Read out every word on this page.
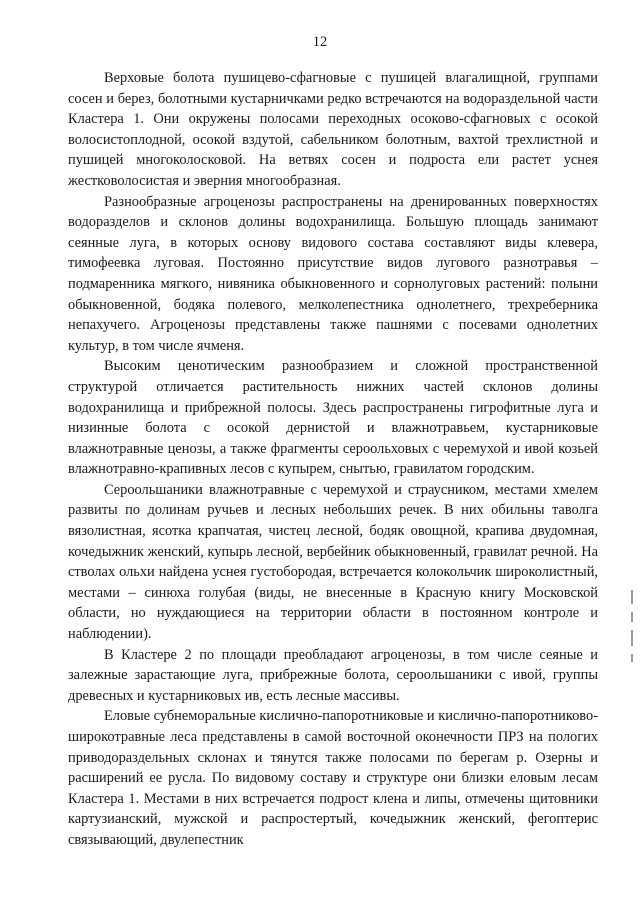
12

Верховые болота пушицево-сфагновые с пушицей влагалищной, группами сосен и берез, болотными кустарничками редко встречаются на водораздельной части Кластера 1. Они окружены полосами переходных осоково-сфагновых с осокой волосистоплодной, осокой вздутой, сабельником болотным, вахтой трехлистной и пушицей многоколосковой. На ветвях сосен и подроста ели растет уснея жестковолосистая и эверния многообразная.

Разнообразные агроценозы распространены на дренированных поверхностях водоразделов и склонов долины водохранилища. Большую площадь занимают сеянные луга, в которых основу видового состава составляют виды клевера, тимофеевка луговая. Постоянно присутствие видов лугового разнотравья – подмаренника мягкого, нивяника обыкновенного и сорнолуговых растений: полыни обыкновенной, бодяка полевого, мелколепестника однолетнего, трехреберника непахучего. Агроценозы представлены также пашнями с посевами однолетних культур, в том числе ячменя.

Высоким ценотическим разнообразием и сложной пространственной структурой отличается растительность нижних частей склонов долины водохранилища и прибрежной полосы. Здесь распространены гигрофитные луга и низинные болота с осокой дернистой и влажнотравьем, кустарниковые влажнотравные ценозы, а также фрагменты сероольховых с черемухой и ивой козьей влажнотравно-крапивных лесов с купырем, снытью, гравилатом городским.

Сероольшаники влажнотравные с черемухой и страусником, местами хмелем развиты по долинам ручьев и лесных небольших речек. В них обильны таволга вязолистная, ясотка крапчатая, чистец лесной, бодяк овощной, крапива двудомная, кочедыжник женский, купырь лесной, вербейник обыкновенный, гравилат речной. На стволах ольхи найдена уснея густобородая, встречается колокольчик широколистный, местами – синюха голубая (виды, не внесенные в Красную книгу Московской области, но нуждающиеся на территории области в постоянном контроле и наблюдении).

В Кластере 2 по площади преобладают агроценозы, в том числе сеяные и залежные зарастающие луга, прибрежные болота, сероольшаники с ивой, группы древесных и кустарниковых ив, есть лесные массивы.

Еловые субнеморальные кислично-папоротниковые и кислично-папоротниково-широкотравные леса представлены в самой восточной оконечности ПРЗ на пологих приводораздельных склонах и тянутся также полосами по берегам р. Озерны и расширений ее русла. По видовому составу и структуре они близки еловым лесам Кластера 1. Местами в них встречается подрост клена и липы, отмечены щитовники картузианский, мужской и распростертый, кочедыжник женский, фегоптерис связывающий, двулепестник
